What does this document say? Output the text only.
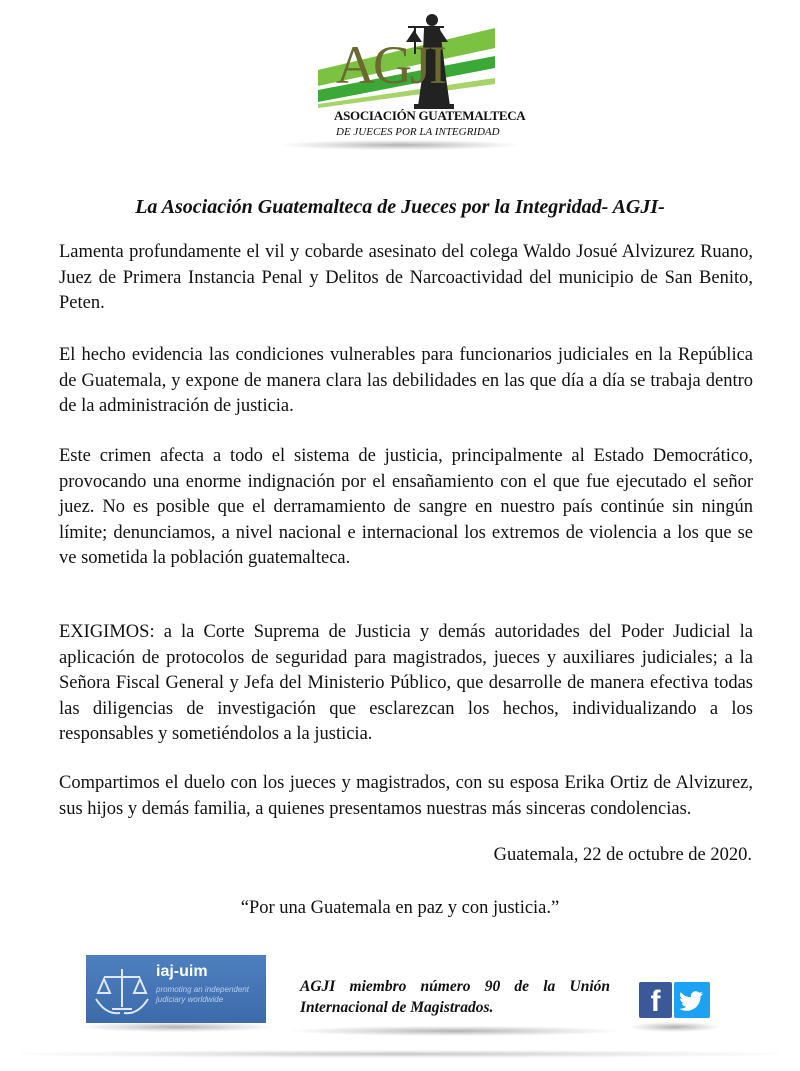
AGJI
ASOCIACIÓN GUATEMALTECA
DE JUECES POR LA INTEGRIDAD
La Asociación Guatemalteca de Jueces por la Integridad- AGJI-
Lamenta profundamente el vil y cobarde asesinato del colega Waldo Josué Alvizurez Ruano, Juez de Primera Instancia Penal y Delitos de Narcoactividad del municipio de San Benito, Peten.
El hecho evidencia las condiciones vulnerables para funcionarios judiciales en la República de Guatemala, y expone de manera clara las debilidades en las que día a día se trabaja dentro de la administración de justicia.
Este crimen afecta a todo el sistema de justicia, principalmente al Estado Democrático, provocando una enorme indignación por el ensañamiento con el que fue ejecutado el señor juez. No es posible que el derramamiento de sangre en nuestro país continúe sin ningún límite; denunciamos, a nivel nacional e internacional los extremos de violencia a los que se ve sometida la población guatemalteca.
EXIGIMOS: a la Corte Suprema de Justicia y demás autoridades del Poder Judicial la aplicación de protocolos de seguridad para magistrados, jueces y auxiliares judiciales; a la Señora Fiscal General y Jefa del Ministerio Público, que desarrolle de manera efectiva todas las diligencias de investigación que esclarezcan los hechos, individualizando a los responsables y sometiéndolos a la justicia.
Compartimos el duelo con los jueces y magistrados, con su esposa Erika Ortiz de Alvizurez, sus hijos y demás familia, a quienes presentamos nuestras más sinceras condolencias.
Guatemala, 22 de octubre de 2020.
“Por una Guatemala en paz y con justicia.”
iaj-uim
promoting an independent judiciary worldwide
AGJI miembro número 90 de la Unión Internacional de Magistrados.	f
